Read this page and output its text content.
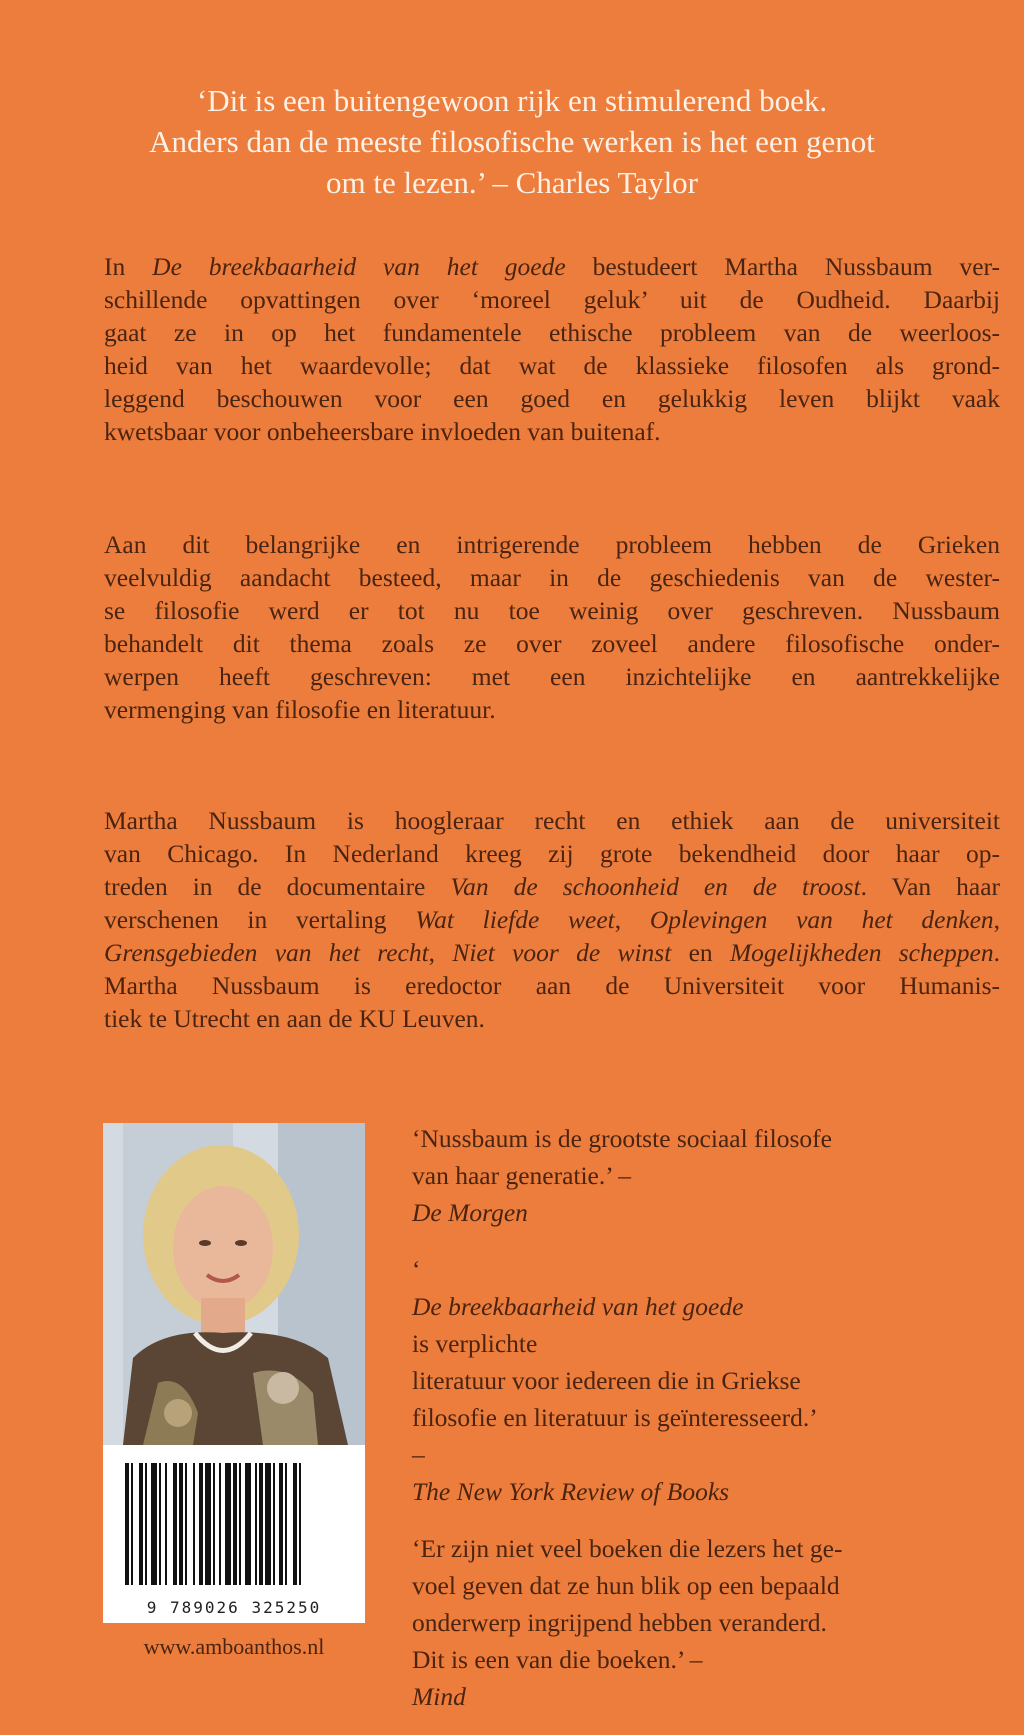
‘Dit is een buitengewoon rijk en stimulerend boek.
Anders dan de meeste filosofische werken is het een genot
om te lezen.’ – Charles Taylor
In De breekbaarheid van het goede bestudeert Martha Nussbaum ver-
schillende opvattingen over ‘moreel geluk’ uit de Oudheid. Daarbij
gaat ze in op het fundamentele ethische probleem van de weerloos-
heid van het waardevolle; dat wat de klassieke filosofen als grond-
leggend beschouwen voor een goed en gelukkig leven blijkt vaak
kwetsbaar voor onbeheersbare invloeden van buitenaf.
Aan dit belangrijke en intrigerende probleem hebben de Grieken
veelvuldig aandacht besteed, maar in de geschiedenis van de wester-
se filosofie werd er tot nu toe weinig over geschreven. Nussbaum
behandelt dit thema zoals ze over zoveel andere filosofische onder-
werpen heeft geschreven: met een inzichtelijke en aantrekkelijke
vermenging van filosofie en literatuur.
Martha Nussbaum is hoogleraar recht en ethiek aan de universiteit
van Chicago. In Nederland kreeg zij grote bekendheid door haar op-
treden in de documentaire Van de schoonheid en de troost. Van haar
verschenen in vertaling Wat liefde weet, Oplevingen van het denken,
Grensgebieden van het recht, Niet voor de winst en Mogelijkheden scheppen.
Martha Nussbaum is eredoctor aan de Universiteit voor Humanis-
tiek te Utrecht en aan de KU Leuven.
9 789026 325250
www.amboanthos.nl
‘Nussbaum is de grootste sociaal filosofe
van haar generatie.’ –
De Morgen
‘
De breekbaarheid van het goede
is verplichte
literatuur voor iedereen die in Griekse
filosofie en literatuur is geïnteresseerd.’
–
The New York Review of Books
‘Er zijn niet veel boeken die lezers het ge-
voel geven dat ze hun blik op een bepaald
onderwerp ingrijpend hebben veranderd.
Dit is een van die boeken.’ –
Mind
